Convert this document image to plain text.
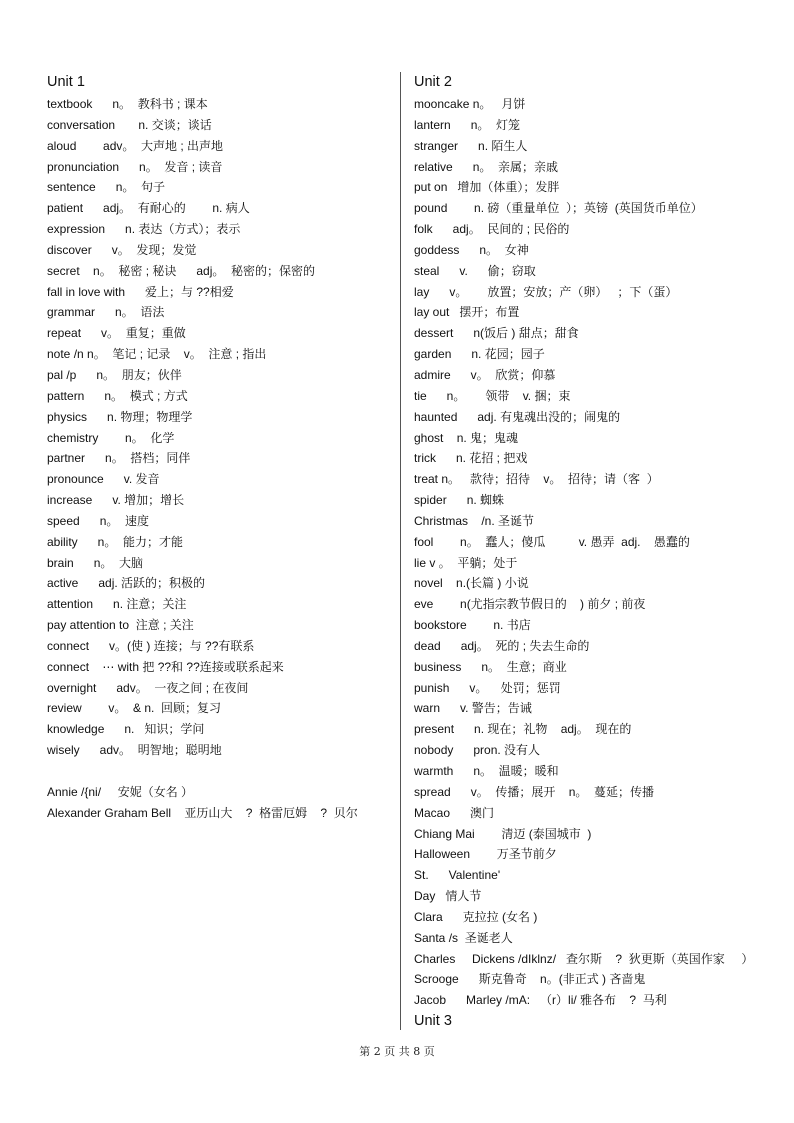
Unit 1
textbook      n。  教科书 ; 课本
conversation       n. 交谈；谈话
aloud        adv。  大声地 ; 出声地
pronunciation      n。  发音 ; 读音
sentence      n。  句子
patient      adj。  有耐心的        n. 病人
expression      n. 表达（方式）；表示
discover      v。  发现；发觉
secret    n。  秘密 ; 秘诀      adj。  秘密的；保密的
fall in love with      爱上；与 ??相爱
grammar      n。  语法
repeat      v。  重复；重做
note /n n。  笔记 ; 记录    v。  注意 ; 指出
pal /p      n。  朋友；伙伴
pattern      n。  模式 ; 方式
physics      n. 物理；物理学
chemistry        n。  化学
partner      n。  搭档；同伴
pronounce      v. 发音
increase      v. 增加；增长
speed      n。  速度
ability      n。  能力；才能
brain      n。  大脑
active      adj. 活跃的；积极的
attention      n. 注意；关注
pay attention to  注意 ; 关注
connect      v。(使 ) 连接；与 ??有联系
connect    ⋯ with 把 ??和 ??连接或联系起来
overnight      adv。  一夜之间 ; 在夜间
review        v。  & n.  回顾；复习
knowledge      n.   知识；学问
wisely      adv。  明智地；聪明地
Annie /{ni/     安妮（女名 ）
Alexander Graham Bell    亚历山大    ?  格雷厄姆    ?  贝尔
Unit 2
mooncake n。   月饼
lantern      n。  灯笼
stranger      n. 陌生人
relative      n。  亲属；亲戚
put on   增加（体重）；发胖
pound        n. 磅（重量单位  ）；英镑  (英国货币单位）
folk      adj。  民间的 ; 民俗的
goddess      n。  女神
steal      v.      偷；窃取
lay      v。      放置；安放；产（卵）   ；下（蛋）
lay out   摆开；布置
dessert      n(饭后 ) 甜点；甜食
garden      n. 花园；园子
admire      v。  欣赏；仰慕
tie      n。      领带    v. 捆；束
haunted      adj. 有鬼魂出没的；闹鬼的
ghost    n. 鬼；鬼魂
trick      n. 花招 ; 把戏
treat n。   款待；招待    v。  招待；请（客  ）
spider      n. 蜘蛛
Christmas    /n. 圣诞节
fool        n。  蠢人；傻瓜          v. 愚弄  adj.    愚蠢的
lie v 。  平躺；处于
novel    n.(长篇 ) 小说
eve        n(尤指宗教节假日的    ) 前夕 ; 前夜
bookstore        n. 书店
dead      adj。  死的 ; 失去生命的
business      n。  生意；商业
punish      v。    处罚；惩罚
warn      v. 警告；告诫
present      n. 现在；礼物    adj。  现在的
nobody      pron. 没有人
warmth      n。  温暖；暖和
spread      v。  传播；展开    n。  蔓延；传播
Macao      澳门
Chiang Mai        清迈 (泰国城市  )
Halloween        万圣节前夕
St.      Valentine'
Day   情人节
Clara      克拉拉 (女名 )
Santa /s  圣诞老人
Charles     Dickens /dIklnz/   查尔斯    ?  狄更斯（英国作家     ）
Scrooge      斯克鲁奇    n。(非正式 ) 吝啬鬼
Jacob      Marley /mA:   （r）li/ 雅各布    ?  马利
Unit 3
第 2 页 共 8 页
